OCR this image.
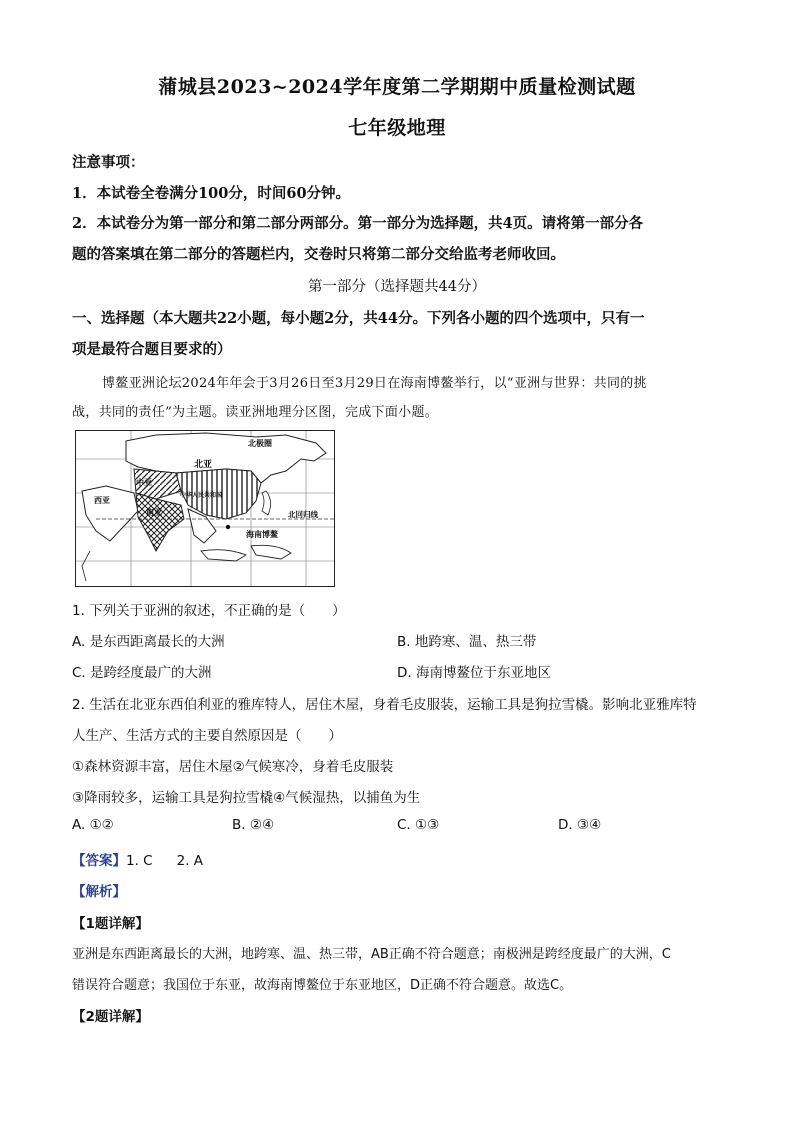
蒲城县2023~2024学年度第二学期期中质量检测试题
七年级地理
注意事项：
1．本试卷全卷满分100分，时间60分钟。
2．本试卷分为第一部分和第二部分两部分。第一部分为选择题，共4页。请将第一部分各
题的答案填在第二部分的答题栏内，交卷时只将第二部分交给监考老师收回。
第一部分（选择题共44分）
一、选择题（本大题共22小题，每小题2分，共44分。下列各小题的四个选项中，只有一
项是最符合题目要求的）
博鳌亚洲论坛2024年年会于3月26日至3月29日在海南博鳌举行，以“亚洲与世界：共同的挑
战，共同的责任”为主题。读亚洲地理分区图，完成下面小题。
北极圈
北亚
中亚
中华人民共和国
西亚
南亚	北回归线
海南博鳌
1. 下列关于亚洲的叙述，不正确的是（　　）
A. 是东西距离最长的大洲	B. 地跨寒、温、热三带
C. 是跨经度最广的大洲	D. 海南博鳌位于东亚地区
2. 生活在北亚东西伯利亚的雅库特人，居住木屋，身着毛皮服装，运输工具是狗拉雪橇。影响北亚雅库特
人生产、生活方式的主要自然原因是（　　）
①森林资源丰富，居住木屋②气候寒冷，身着毛皮服装
③降雨较多，运输工具是狗拉雪橇④气候湿热，以捕鱼为生
A. ①②	B. ②④	C. ①③	D. ③④
【答案】1. C 2. A
【解析】
【1题详解】
亚洲是东西距离最长的大洲，地跨寒、温、热三带，AB正确不符合题意；南极洲是跨经度最广的大洲，C
错误符合题意；我国位于东亚，故海南博鳌位于东亚地区，D正确不符合题意。故选C。
【2题详解】
